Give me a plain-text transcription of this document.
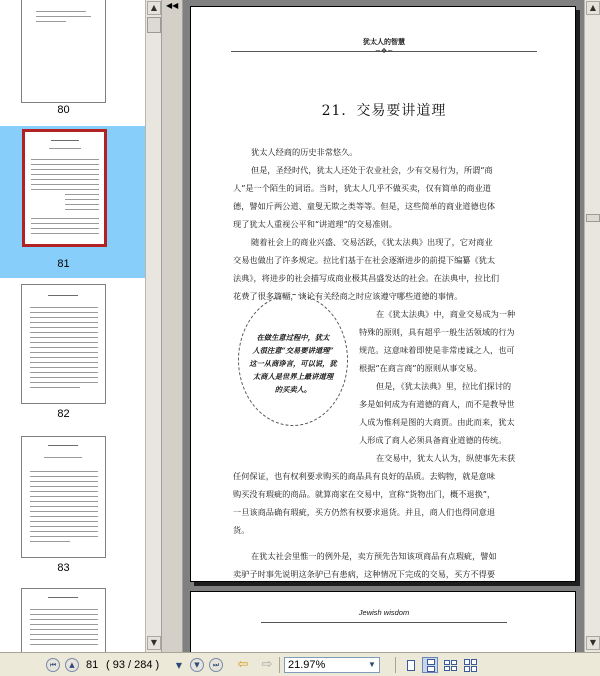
80
81
82
83
▲
▼
◀◀
犹太人的智慧
~❖~
21．交易要讲道理
犹太人经商的历史非常悠久。
但是，圣经时代，犹太人还处于农业社会，少有交易行为，所谓“商
人”是一个陌生的词语。当时，犹太人几乎不做买卖，仅有简单的商业道
德，譬如斤两公道、童叟无欺之类等等。但是，这些简单的商业道德也体
现了犹太人重视公平和“讲道理”的交易准则。
随着社会上的商业兴盛、交易活跃，《犹太法典》出现了，它对商业
交易也做出了许多规定。拉比们基于在社会逐渐进步的前提下编纂《犹太
法典》，将进步的社会描写成商业极其昌盛发达的社会。在法典中，拉比们
花费了很多篇幅，谈论有关经商之时应该遵守哪些道德的事情。
在《犹太法典》中，商业交易成为一种
特殊的原则，具有超乎一般生活领域的行为
规范。这意味着即使是非常虔诚之人，也可
根据“在商言商”的原则从事交易。
但是，《犹太法典》里，拉比们探讨的
多是如何成为有道德的商人，而不是教导世
人成为惟利是图的大商贾。由此而来，犹太
人形成了商人必须具备商业道德的传统。
在交易中，犹太人认为，纵使事先未获
任何保证，也有权利要求购买的商品具有良好的品质。去购物，就是意味
购买没有瑕疵的商品。就算商家在交易中，宣称“货物出门，概不退换”，
一旦该商品确有瑕疵，买方仍然有权要求退货。并且，商人们也得同意退
货。
在犹太社会里惟一的例外是，卖方预先告知该项商品有点瑕疵，譬如
卖驴子时事先说明这条驴已有患病，这种情况下完成的交易，买方不得要
在做生意过程中，犹太
人很注意“交易要讲道理”
这一从商诤言，可以说，犹
太商人是世界上最讲道理
的买卖人。
Jewish wisdom
▲
▼
⏮	▲	81 ( 93 / 284 ) ▼	▼	⏭ ⇦ ⇨	21.97%	▼
